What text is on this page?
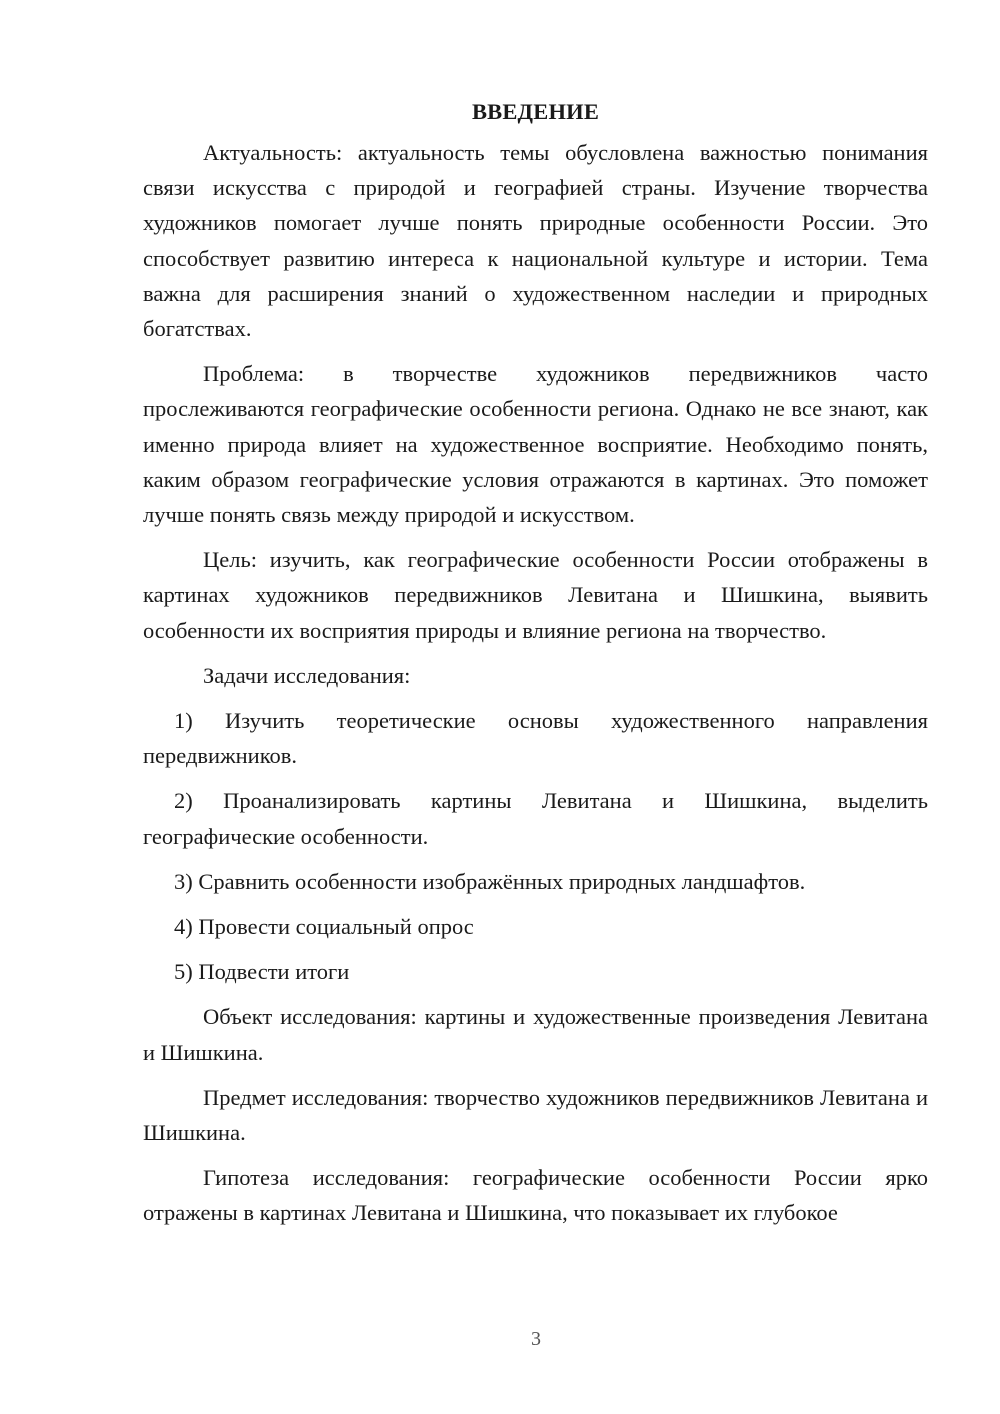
ВВЕДЕНИЕ

Актуальность: актуальность темы обусловлена важностью понимания связи искусства с природой и географией страны. Изучение творчества художников помогает лучше понять природные особенности России. Это способствует развитию интереса к национальной культуре и истории. Тема важна для расширения знаний о художественном наследии и природных богатствах.

Проблема: в творчестве художников передвижников часто прослеживаются географические особенности региона. Однако не все знают, как именно природа влияет на художественное восприятие. Необходимо понять, каким образом географические условия отражаются в картинах. Это поможет лучше понять связь между природой и искусством.

Цель: изучить, как географические особенности России отображены в картинах художников передвижников Левитана и Шишкина, выявить особенности их восприятия природы и влияние региона на творчество.

Задачи исследования:

1) Изучить теоретические основы художественного направления передвижников.

2) Проанализировать картины Левитана и Шишкина, выделить географические особенности.

3) Сравнить особенности изображённых природных ландшафтов.

4) Провести социальный опрос

5) Подвести итоги

Объект исследования: картины и художественные произведения Левитана и Шишкина.

Предмет исследования: творчество художников передвижников Левитана и Шишкина.

Гипотеза исследования: географические особенности России ярко отражены в картинах Левитана и Шишкина, что показывает их глубокое

3
